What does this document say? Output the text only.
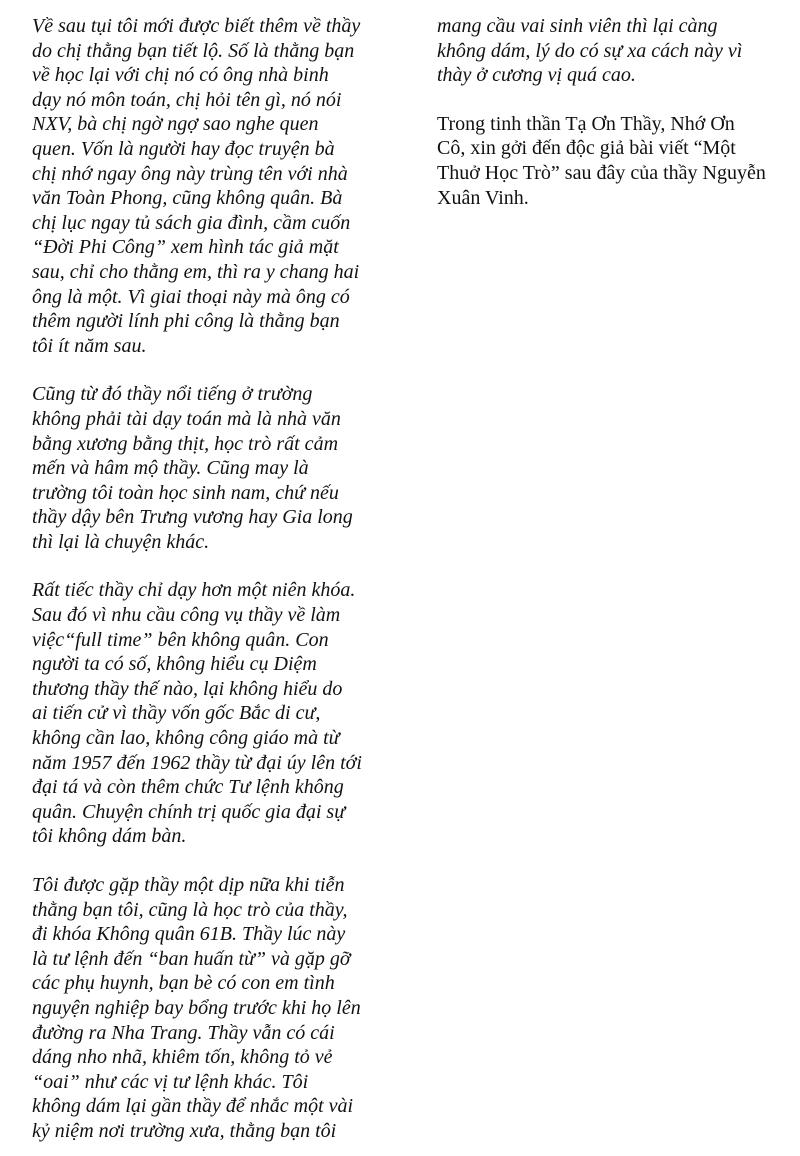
Về sau tụi tôi mới được biết thêm về thầy
do chị thằng bạn tiết lộ. Số là thằng bạn
về học lại với chị nó có ông nhà binh
dạy nó môn toán, chị hỏi tên gì, nó nói
NXV, bà chị ngờ ngợ sao nghe quen
quen. Vốn là người hay đọc truyện bà
chị nhớ ngay ông này trùng tên với nhà
văn Toàn Phong, cũng không quân. Bà
chị lục ngay tủ sách gia đình, cầm cuốn
“Đời Phi Công” xem hình tác giả mặt
sau, chỉ cho thằng em, thì ra y chang hai
ông là một. Vì giai thoại này mà ông có
thêm người lính phi công là thằng bạn
tôi ít năm sau.

Cũng từ đó thầy nổi tiếng ở trường
không phải tài dạy toán mà là nhà văn
bằng xương bằng thịt, học trò rất cảm
mến và hâm mộ thầy. Cũng may là
trường tôi toàn học sinh nam, chứ nếu
thầy dậy bên Trưng vương hay Gia long
thì lại là chuyện khác.

Rất tiếc thầy chỉ dạy hơn một niên khóa.
Sau đó vì nhu cầu công vụ thầy về làm
việc“full time” bên không quân. Con
người ta có số, không hiểu cụ Diệm
thương thầy thế nào, lại không hiểu do
ai tiến cử vì thầy vốn gốc Bắc di cư,
không cần lao, không công giáo mà từ
năm 1957 đến 1962 thầy từ đại úy lên tới
đại tá và còn thêm chức Tư lệnh không
quân. Chuyện chính trị quốc gia đại sự
tôi không dám bàn.

Tôi được gặp thầy một dịp nữa khi tiễn
thằng bạn tôi, cũng là học trò của thầy,
đi khóa Không quân 61B. Thầy lúc này
là tư lệnh đến “ban huấn từ” và gặp gỡ
các phụ huynh, bạn bè có con em tình
nguyện nghiệp bay bổng trước khi họ lên
đường ra Nha Trang. Thầy vẫn có cái
dáng nho nhã, khiêm tốn, không tỏ vẻ
“oai” như các vị tư lệnh khác. Tôi
không dám lại gần thầy để nhắc một vài
kỷ niệm nơi trường xưa, thằng bạn tôi

mang cầu vai sinh viên thì lại càng
không dám, lý do có sự xa cách này vì
thày ở cương vị quá cao.

Trong tinh thần Tạ Ơn Thầy, Nhớ Ơn
Cô, xin gởi đến độc giả bài viết “Một
Thuở Học Trò” sau đây của thầy Nguyễn
Xuân Vinh.
